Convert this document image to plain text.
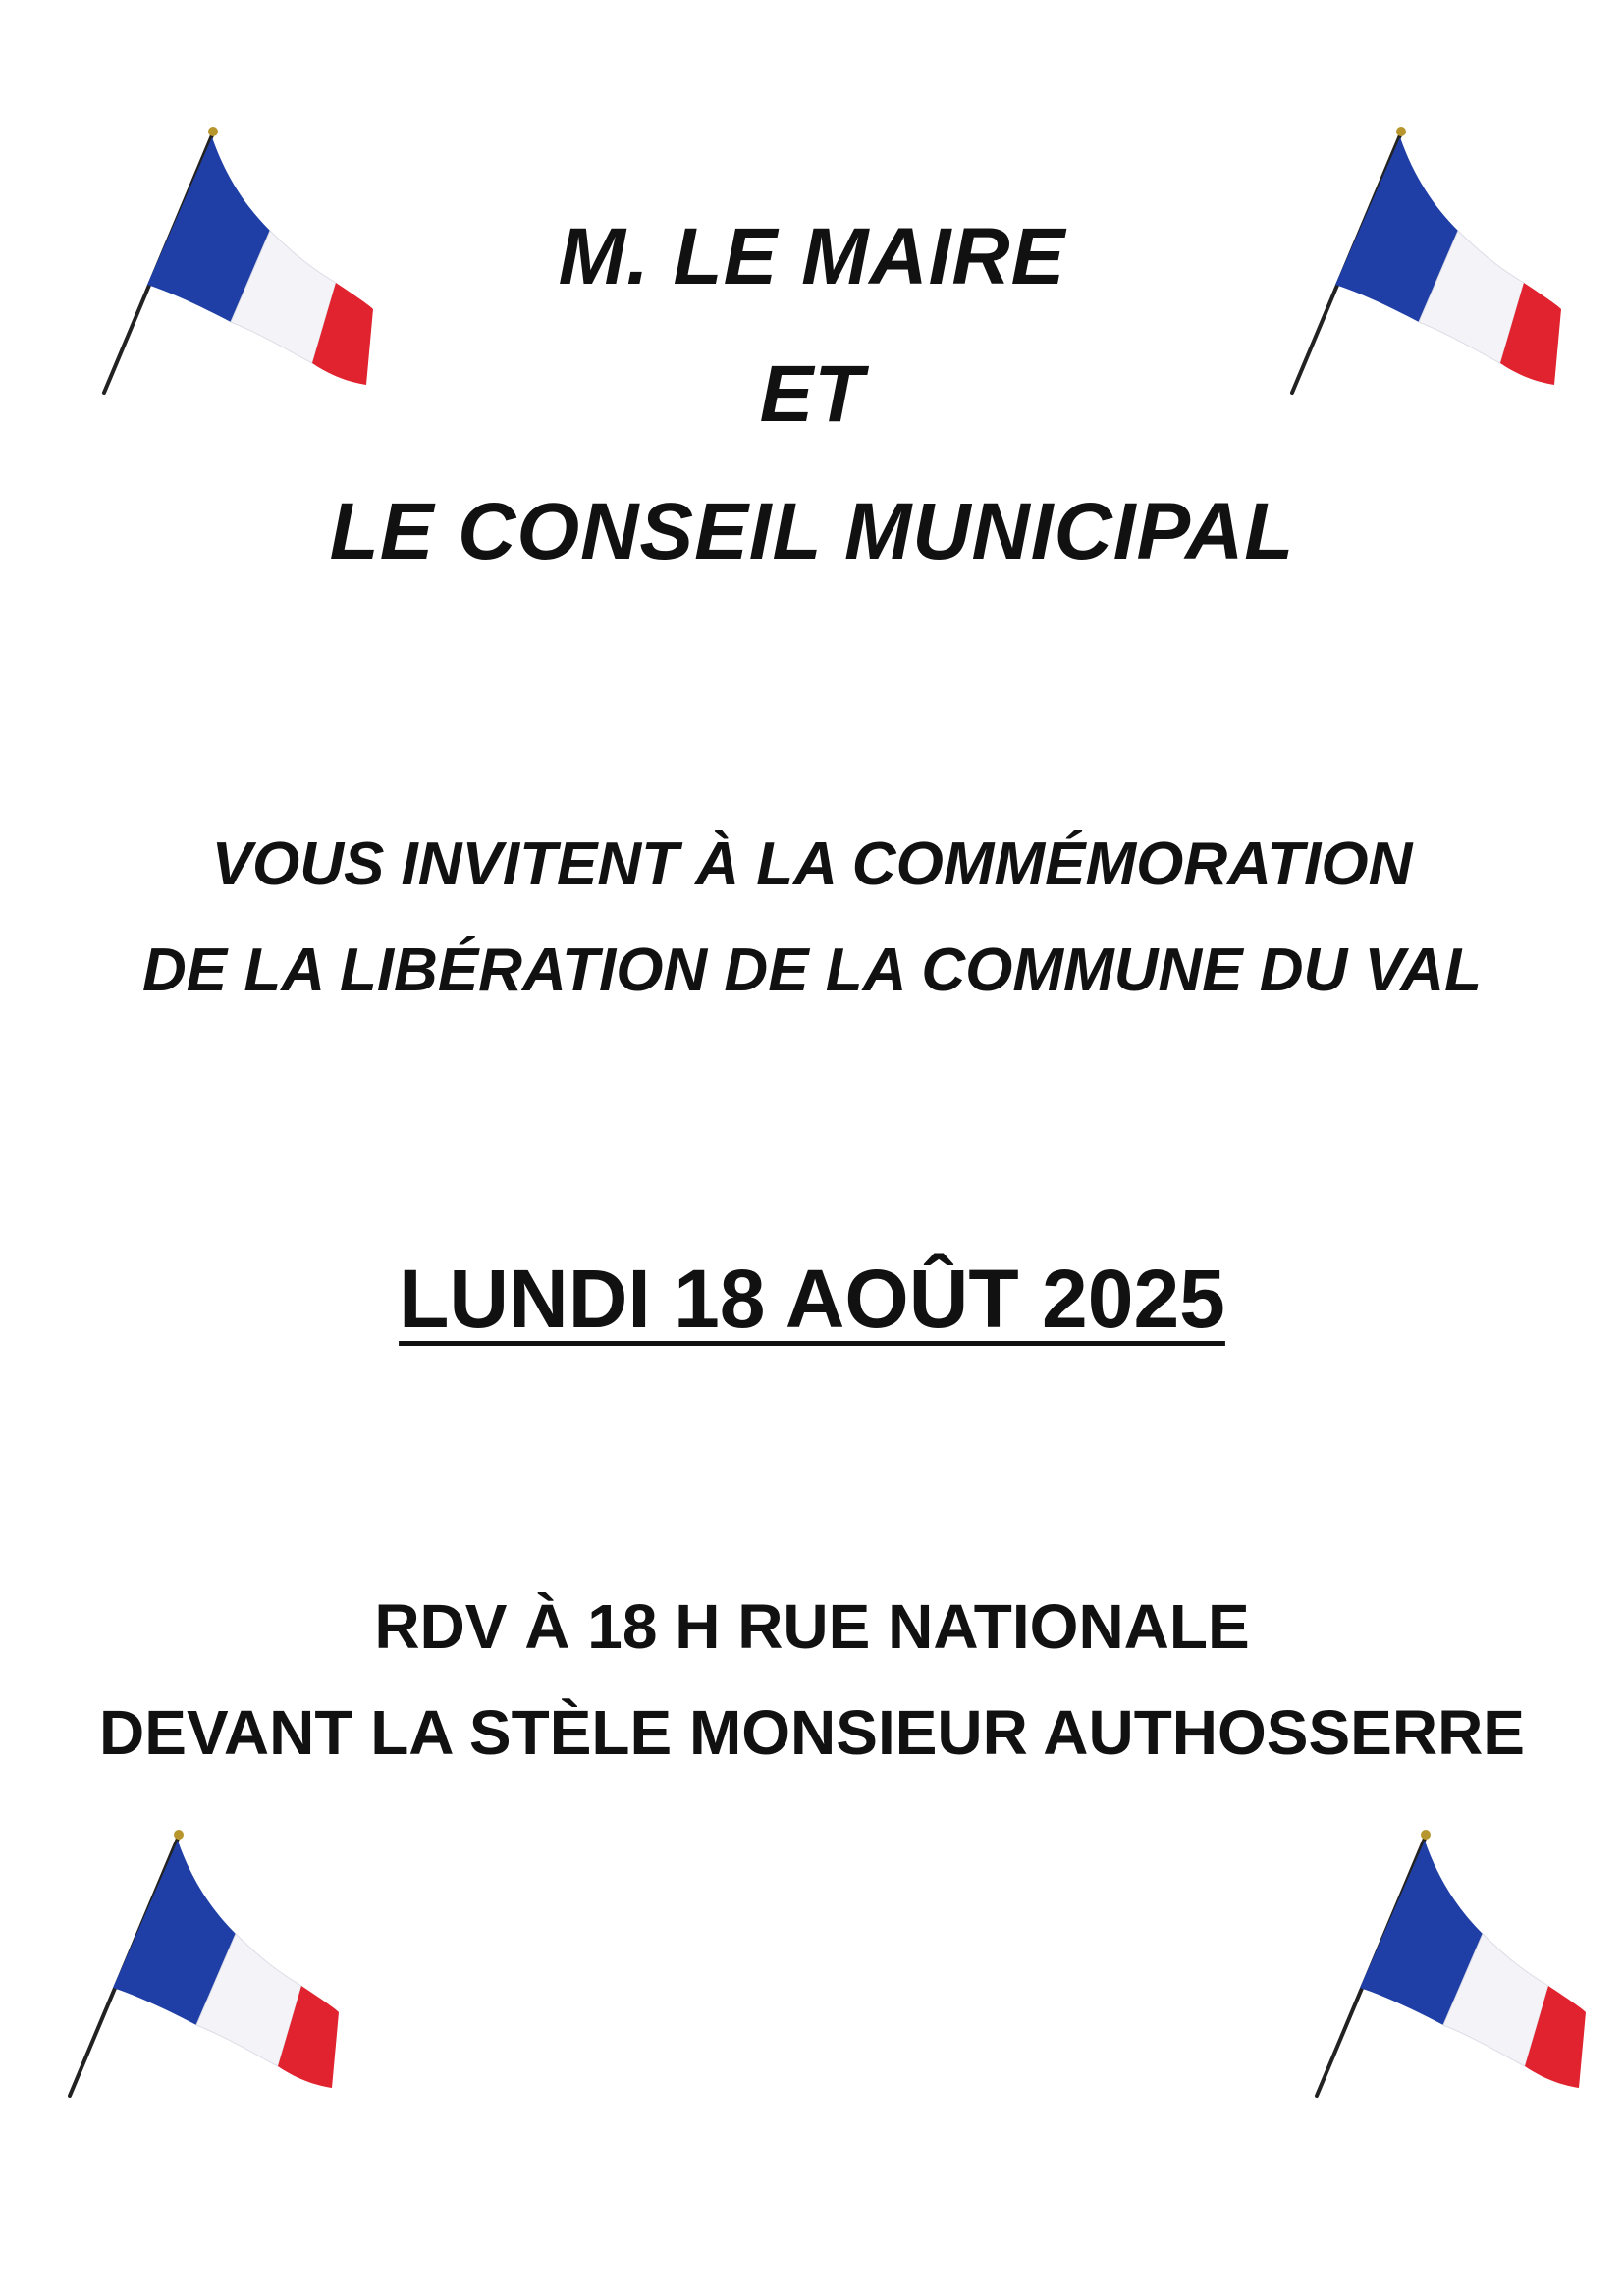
M. LE MAIRE
ET
LE CONSEIL MUNICIPAL
VOUS INVITENT À LA COMMÉMORATION
DE LA LIBÉRATION DE LA COMMUNE DU VAL
LUNDI 18 AOÛT 2025
RDV À 18 H RUE NATIONALE
DEVANT LA STÈLE MONSIEUR AUTHOSSERRE
